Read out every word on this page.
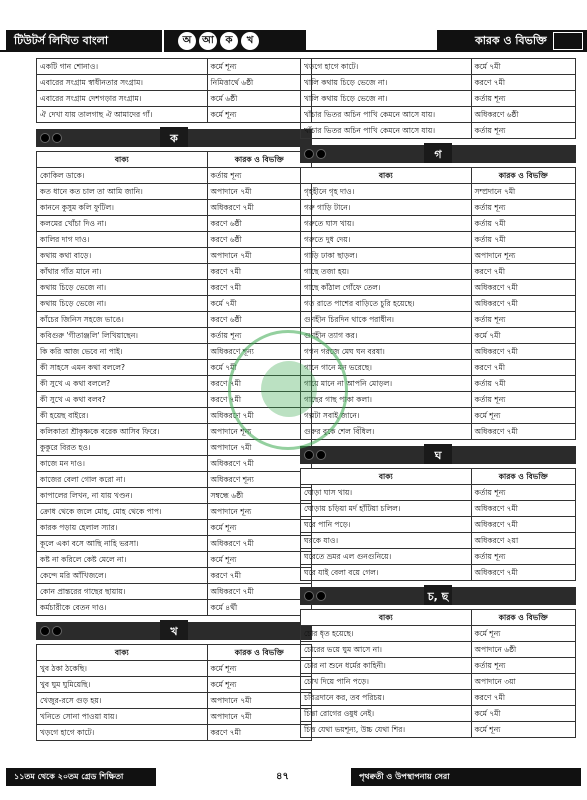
টিউটর্স লিখিত বাংলা	অ	আ	ক	খ	কারক ও বিভক্তি
একটি গান শোনাও।	কর্মে শূন্য
এবারের সংগ্রাম স্বাধীনতার সংগ্রাম।	নিমিত্তার্থে ৬ষ্ঠী
এবারের সংগ্রাম দেশগড়ার সংগ্রাম।	কর্মে ৬ষ্ঠী
ঐ দেখা যায় তালগাছ ঐ আমাদের গাঁ।	কর্মে শূন্য
ক
বাক্য	কারক ও বিভক্তি
কোকিল ডাকে।	কর্তায় শূন্য
কত ধানে কত চাল তা আমি জানি।	অপাদানে ৭মী
কাননে কুসুম কলি ফুটিল।	অধিকরণে ৭মী
কলমের খোঁচা দিও না।	করণে ৬ষ্ঠী
কালির দাগ দাও।	করণে ৬ষ্ঠী
কথায় কথা বাড়ে।	অপাদানে ৭মী
কাঁথার গাঁত মানে না।	করণে ৭মী
কথায় চিড়ে ভেজে না।	করণে ৭মী
কথায় চিড়ে ভেজে না।	কর্মে ৭মী
কাঁচের জিনিস সহজে ভাঙে।	করণে ৬ষ্ঠী
কবিগুরু 'গীতাঞ্জলি' লিখিয়াছেন।	কর্তায় শূন্য
কি করি আজ ভেবে না পাই।	অধিকরণে শূন্য
কী সাহসে এমন কথা বললে?	কর্মে ৭মী
কী সুখে এ কথা বললে?	করণে ৭মী
কী সুখে এ কথা বলব?	করণে ৭মী
কী হয়েছ বাইরে।	অধিকরণে ৭মী
কলিকাতা শ্রীকৃষ্ণকে বরেক আসিব ফিরে।	অপাদানে শূন্য
কুকুরে বিরত হও।	অপাদানে ৭মী
কাজে মন দাও।	অধিকরণে ৭মী
কাজের বেলা গোল করো না।	অধিকরণে শূন্য
কাপালের লিখন, না যায় খণ্ডন।	সম্বন্ধে ৬ষ্ঠী
ক্রোধ থেকে জলে মোহ, মোহ থেকে পাপ।	অপাদানে শূন্য
কারক পড়ায় হেলাল স্যার।	কর্মে শূন্য
কূলে একা বসে আছি নাহি ভরসা।	অধিকরণে ৭মী
কষ্ট না করিলে কেষ্ট মেলে না।	কর্মে শূন্য
কেন্দে মরি আঁখিজলে।	করণে ৭মী
কোন প্রান্তরের গাছের ছায়ায়।	অধিকরণে ৭মী
কর্মচারীকে বেতন দাও।	কর্মে ৪র্থী
খ
বাক্য	কারক ও বিভক্তি
খুব ঠকা ঠকেছি।	কর্মে শূন্য
খুব ঘুম ঘুমিয়েছি।	কর্মে শূন্য
খেজুর-রসে গুড় হয়।	অপাদানে ৭মী
খনিতে সোনা পাওয়া যায়।	অপাদানে ৭মী
খড়গে হাগে কাটে।	করণে ৭মী
খড়গে হাগে কাটে।	কর্মে ৭মী
খালি কথায় চিড়ে ভেজে না।	করণে ৭মী
খালি কথায় চিড়ে ভেজে না।	কর্তায় শূন্য
খাঁচার ভিতর অচিন পাখি কেমনে আসে যায়।	অধিকরণে ৬ষ্ঠী
খাঁচার ভিতর অচিন পাখি কেমনে আসে যায়।	কর্তায় শূন্য
গ
বাক্য	কারক ও বিভক্তি
গৃহহীনে গৃহ দাও।	সম্প্রদানে ৭মী
গরু গাড়ি টানে।	কর্তায় শূন্য
গরুতে ঘাস খায়।	কর্তায় ৭মী
গরুতে দুধ দেয়।	কর্তায় ৭মী
গাড়ি ঢাকা ছাড়ল।	অপাদানে শূন্য
গাছে তজা হয়।	করণে ৭মী
গাছে কাঁঠাল গোঁফে তেল।	অধিকরণে ৭মী
গত রাতে পাশের বাড়িতে চুরি হয়েছে।	অধিকরণে ৭মী
গুণহীন চিরদিন থাকে পরাধীন।	কর্তায় শূন্য
গুণহীন ত্যাগ কর।	কর্মে ৭মী
গগন গরজে মেঘ ঘন বরষা।	অধিকরণে ৭মী
গানে গানে মন ভরেছে।	করণে ৭মী
গায়ে মানে না আপনি মোড়ল।	কর্তায় ৭মী
গাছের গাছ পাকা কলা।	কর্তায় শূন্য
গল্পটা সবাই জানে।	কর্মে শূন্য
গুরুর বুকে শেল বিঁধিল।	অধিকরণে ৭মী
ঘ
বাক্য	কারক ও বিভক্তি
ঘোড়া ঘাস খায়।	কর্তায় শূন্য
ঘোড়ায় চড়িয়া মর্দ হাঁটিয়া চলিল।	অধিকরণে ৭মী
ঘরে পানি পড়ে।	অধিকরণে ৭মী
ঘরকে যাও।	অধিকরণে ২য়া
ঘরেতে ভ্রমর এল গুনগুনিয়ে।	কর্তায় শূন্য
ঘরে যাই বেলা বয়ে গেল।	অধিকরণে ৭মী
চ, ছ
বাক্য	কারক ও বিভক্তি
চোর ধৃত হয়েছে।	কর্মে শূন্য
চোরের ভয়ে ঘুম আসে না।	অপাদানে ৬ষ্ঠী
চোর না শুনে ধর্মের কাহিনী।	কর্তায় শূন্য
চোখ দিয়ে পানি পড়ে।	অপাদানে ৩য়া
চরিত্রদানে কর, তব পরিচয়।	করণে ৭মী
চিন্তা রোগের ওষুধ নেই।	কর্মে ৭মী
চিত্ত যেথা ভয়শূন্য, উচ্চ যেথা শির।	কর্মে শূন্য
১১তম থেকে ২০তম গ্রেড শিক্ষিতা	৪৭	পৃথক্বতী ও উপস্থাপনায় সেরা
